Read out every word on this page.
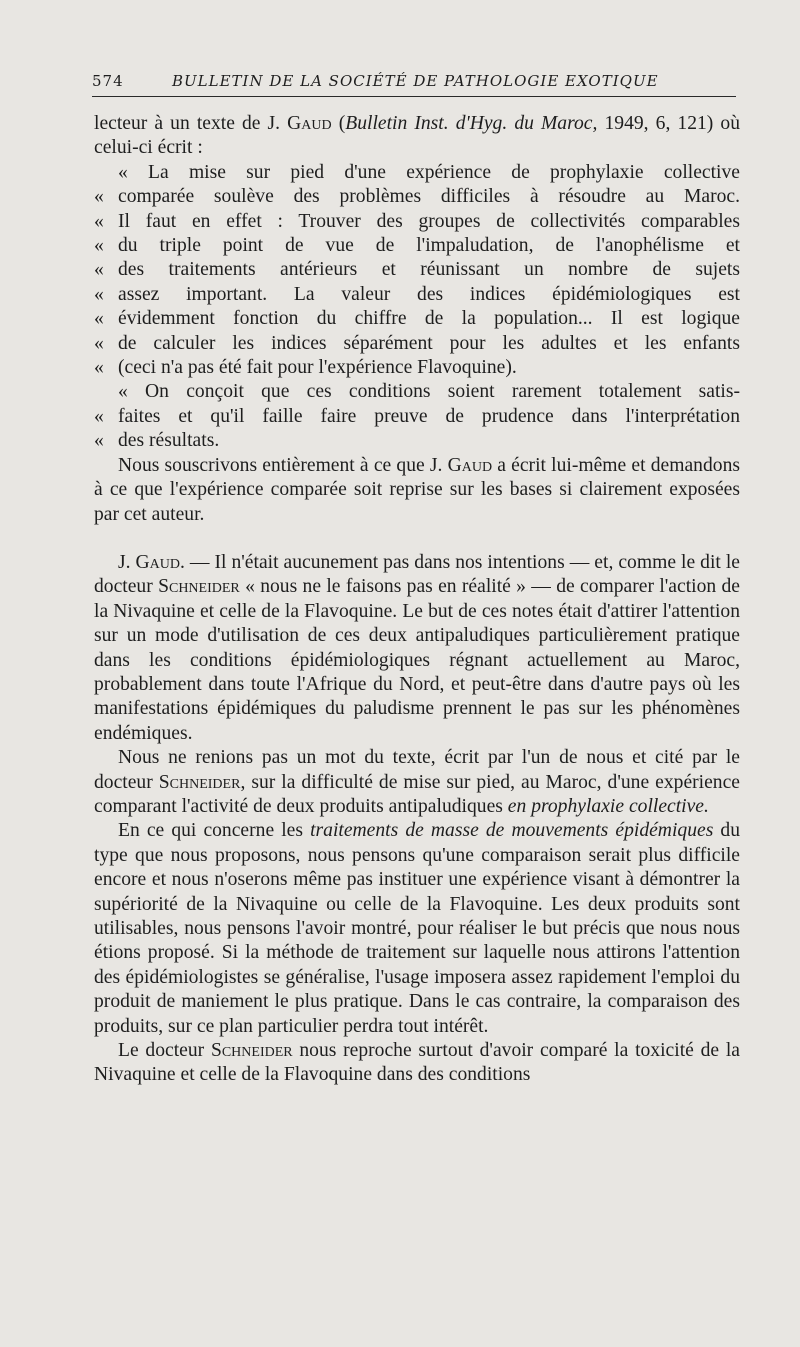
574	BULLETIN DE LA SOCIÉTÉ DE PATHOLOGIE EXOTIQUE

lecteur à un texte de J. Gaud (Bulletin Inst. d'Hyg. du Maroc, 1949, 6, 121) où celui-ci écrit :

« La mise sur pied d'une expérience de prophylaxie collective

« comparée soulève des problèmes difficiles à résoudre au Maroc.

« Il faut en effet : Trouver des groupes de collectivités comparables

« du triple point de vue de l'impaludation, de l'anophélisme et

« des traitements antérieurs et réunissant un nombre de sujets

« assez important. La valeur des indices épidémiologiques est

« évidemment fonction du chiffre de la population... Il est logique

« de calculer les indices séparément pour les adultes et les enfants

« (ceci n'a pas été fait pour l'expérience Flavoquine).

« On conçoit que ces conditions soient rarement totalement satis-

« faites et qu'il faille faire preuve de prudence dans l'interprétation

« des résultats.

Nous souscrivons entièrement à ce que J. Gaud a écrit lui-même et demandons à ce que l'expérience comparée soit reprise sur les bases si clairement exposées par cet auteur.

J. Gaud. — Il n'était aucunement pas dans nos intentions — et, comme le dit le docteur Schneider « nous ne le faisons pas en réalité » — de comparer l'action de la Nivaquine et celle de la Flavoquine. Le but de ces notes était d'attirer l'attention sur un mode d'utilisation de ces deux antipaludiques particulièrement pratique dans les conditions épidémiologiques régnant actuellement au Maroc, probablement dans toute l'Afrique du Nord, et peut-être dans d'autre pays où les manifestations épidémiques du paludisme prennent le pas sur les phénomènes endémiques.

Nous ne renions pas un mot du texte, écrit par l'un de nous et cité par le docteur Schneider, sur la difficulté de mise sur pied, au Maroc, d'une expérience comparant l'activité de deux produits antipaludiques en prophylaxie collective.

En ce qui concerne les traitements de masse de mouvements épidémiques du type que nous proposons, nous pensons qu'une comparaison serait plus difficile encore et nous n'oserons même pas instituer une expérience visant à démontrer la supériorité de la Nivaquine ou celle de la Flavoquine. Les deux produits sont utilisables, nous pensons l'avoir montré, pour réaliser le but précis que nous nous étions proposé. Si la méthode de traitement sur laquelle nous attirons l'attention des épidémiologistes se généralise, l'usage imposera assez rapidement l'emploi du produit de maniement le plus pratique. Dans le cas contraire, la comparaison des produits, sur ce plan particulier perdra tout intérêt.

Le docteur Schneider nous reproche surtout d'avoir comparé la toxicité de la Nivaquine et celle de la Flavoquine dans des conditions
